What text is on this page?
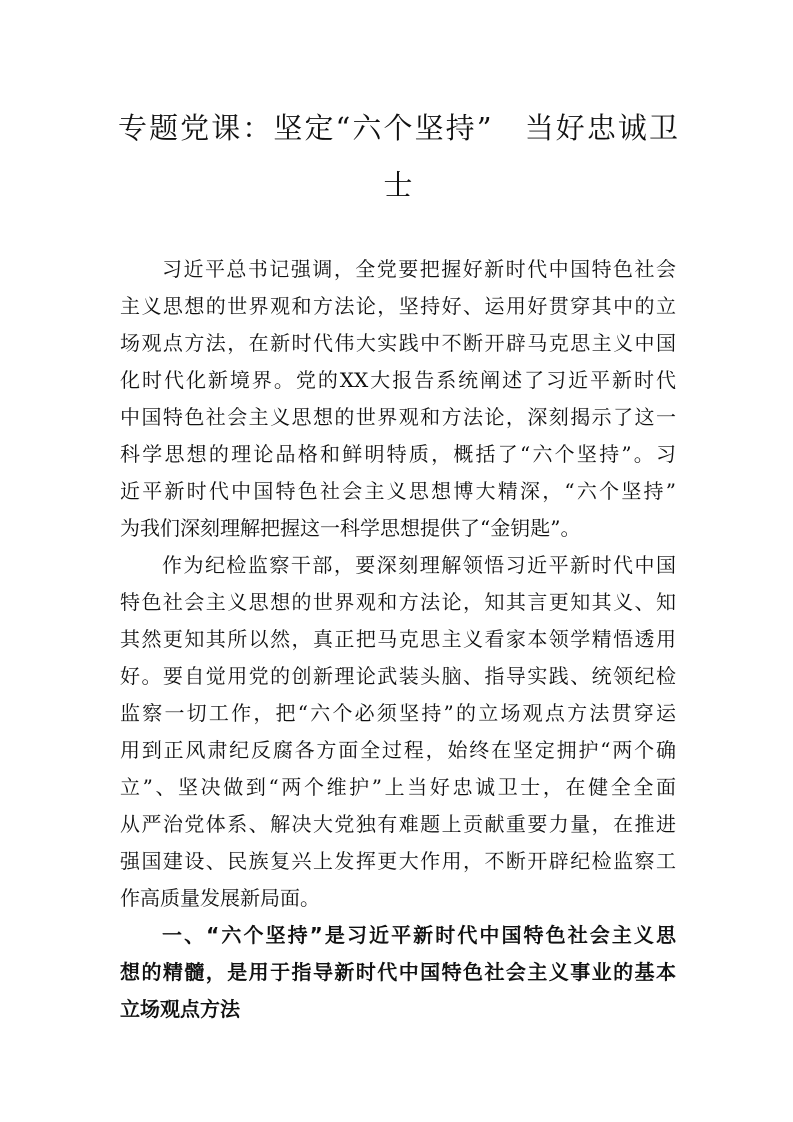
专题党课：坚定“六个坚持”　当好忠诚卫
士
习近平总书记强调，全党要把握好新时代中国特色社会
主义思想的世界观和方法论，坚持好、运用好贯穿其中的立
场观点方法，在新时代伟大实践中不断开辟马克思主义中国
化时代化新境界。党的XX大报告系统阐述了习近平新时代
中国特色社会主义思想的世界观和方法论，深刻揭示了这一
科学思想的理论品格和鲜明特质，概括了“六个坚持”。习
近平新时代中国特色社会主义思想博大精深，“六个坚持”
为我们深刻理解把握这一科学思想提供了“金钥匙”。
作为纪检监察干部，要深刻理解领悟习近平新时代中国
特色社会主义思想的世界观和方法论，知其言更知其义、知
其然更知其所以然，真正把马克思主义看家本领学精悟透用
好。要自觉用党的创新理论武装头脑、指导实践、统领纪检
监察一切工作，把“六个必须坚持”的立场观点方法贯穿运
用到正风肃纪反腐各方面全过程，始终在坚定拥护“两个确
立”、坚决做到“两个维护”上当好忠诚卫士，在健全全面
从严治党体系、解决大党独有难题上贡献重要力量，在推进
强国建设、民族复兴上发挥更大作用，不断开辟纪检监察工
作高质量发展新局面。
一、“六个坚持”是习近平新时代中国特色社会主义思
想的精髓，是用于指导新时代中国特色社会主义事业的基本
立场观点方法
